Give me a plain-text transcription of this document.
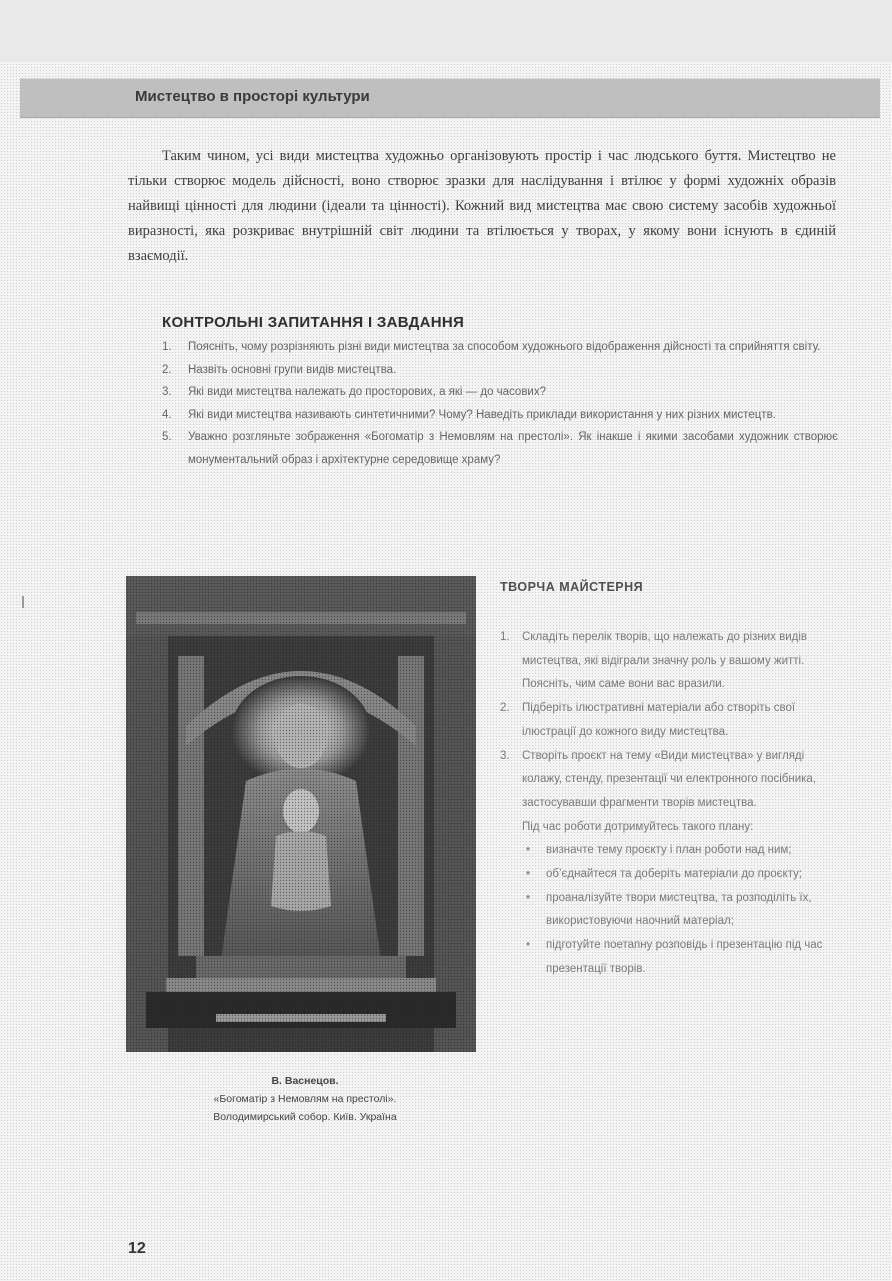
Мистецтво в просторі культури

Таким чином, усі види мистецтва художньо організовують простір і час людського буття. Мистецтво не тільки створює модель дійсності, воно створює зразки для наслідування і втілює у формі художніх образів найвищі цінності для людини (ідеали та цінності). Кожний вид мистецтва має свою систему засобів художньої виразності, яка розкриває внутрішній світ людини та втілюється у творах, у якому вони існують в єдиній взаємодії.

КОНТРОЛЬНІ ЗАПИТАННЯ І ЗАВДАННЯ
1. Поясніть, чому розрізняють різні види мистецтва за способом художнього відображення дійсності та сприйняття світу.
2. Назвіть основні групи видів мистецтва.
3. Які види мистецтва належать до просторових, а які — до часових?
4. Які види мистецтва називають синтетичними? Чому? Наведіть приклади використання у них різних мистецтв.
5. Уважно розгляньте зображення «Богоматір з Немовлям на престолі». Як інакше і якими засобами художник створює монументальний образ і архітектурне середовище храму?
В. Васнецов.
«Богоматір з Немовлям на престолі».
Володимирський собор. Київ. Україна
ТВОРЧА МАЙСТЕРНЯ
1. Складіть перелік творів, що належать до різних видів мистецтва, які відіграли значну роль у вашому житті. Поясніть, чим саме вони вас вразили.
2. Підберіть ілюстративні матеріали або створіть свої ілюстрації до кожного виду мистецтва.
3. Створіть проєкт на тему «Види мистецтва» у вигляді колажу, стенду, презентації чи електронного посібника, застосувавши фрагменти творів мистецтва.
Під час роботи дотримуйтесь такого плану:
• визначте тему проєкту і план роботи над ним;
• об’єднайтеся та доберіть матеріали до проєкту;
• проаналізуйте твори мистецтва, та розподіліть їх, використовуючи наочний матеріал;
• підготуйте поетапну розповідь і презентацію під час презентації творів.
12
